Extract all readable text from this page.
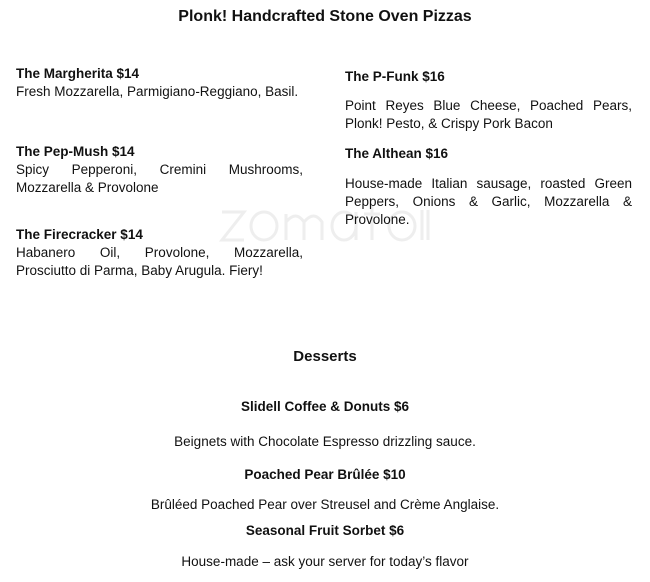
Plonk! Handcrafted Stone Oven Pizzas
The Margherita $14
Fresh Mozzarella, Parmigiano-Reggiano, Basil.
The Pep-Mush $14
Spicy Pepperoni, Cremini Mushrooms, Mozzarella & Provolone
The Firecracker $14
Habanero Oil, Provolone, Mozzarella, Prosciutto di Parma, Baby Arugula. Fiery!
The P-Funk $16
Point Reyes Blue Cheese, Poached Pears, Plonk! Pesto, & Crispy Pork Bacon
The Althean $16
House-made Italian sausage, roasted Green Peppers, Onions & Garlic, Mozzarella & Provolone.
Desserts
Slidell Coffee & Donuts $6
Beignets with Chocolate Espresso drizzling sauce.
Poached Pear Brûlée $10
Brûléed Poached Pear over Streusel and Crème Anglaise.
Seasonal Fruit Sorbet $6
House-made – ask your server for today’s flavor
